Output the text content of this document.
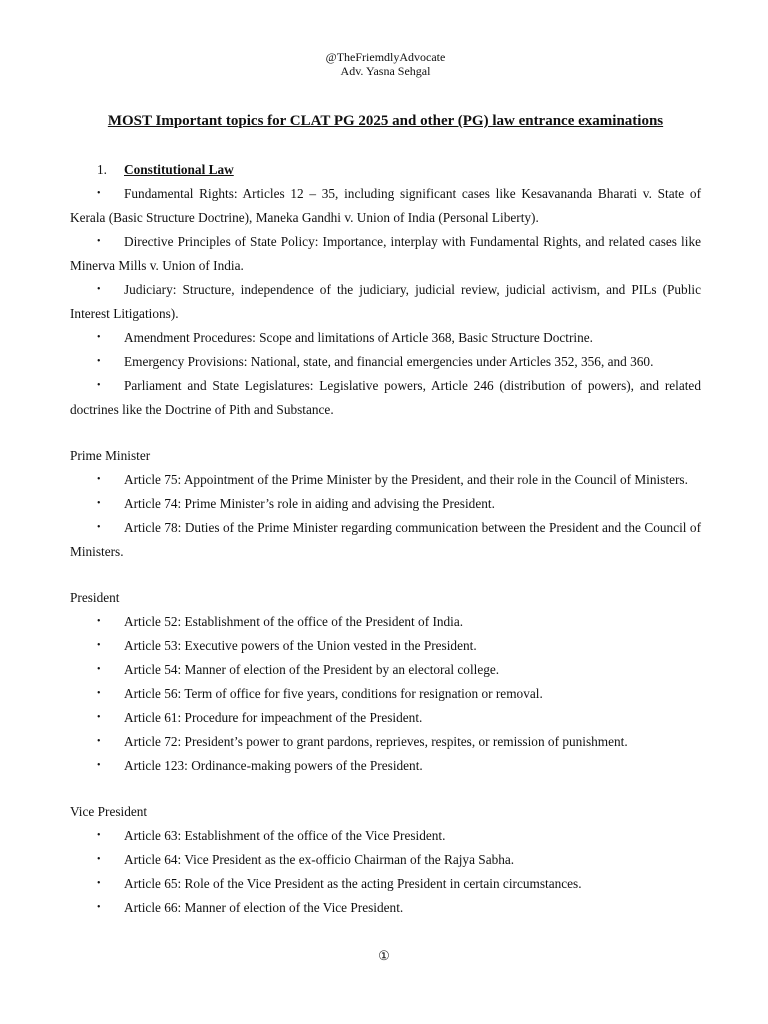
@TheFriemdlyAdvocate
Adv. Yasna Sehgal
MOST Important topics for CLAT PG 2025 and other (PG) law entrance examinations
1. Constitutional Law
• Fundamental Rights: Articles 12 – 35, including significant cases like Kesavananda Bharati v. State of Kerala (Basic Structure Doctrine), Maneka Gandhi v. Union of India (Personal Liberty).
• Directive Principles of State Policy: Importance, interplay with Fundamental Rights, and related cases like Minerva Mills v. Union of India.
• Judiciary: Structure, independence of the judiciary, judicial review, judicial activism, and PILs (Public Interest Litigations).
• Amendment Procedures: Scope and limitations of Article 368, Basic Structure Doctrine.
• Emergency Provisions: National, state, and financial emergencies under Articles 352, 356, and 360.
• Parliament and State Legislatures: Legislative powers, Article 246 (distribution of powers), and related doctrines like the Doctrine of Pith and Substance.
Prime Minister
• Article 75: Appointment of the Prime Minister by the President, and their role in the Council of Ministers.
• Article 74: Prime Minister’s role in aiding and advising the President.
• Article 78: Duties of the Prime Minister regarding communication between the President and the Council of Ministers.
President
• Article 52: Establishment of the office of the President of India.
• Article 53: Executive powers of the Union vested in the President.
• Article 54: Manner of election of the President by an electoral college.
• Article 56: Term of office for five years, conditions for resignation or removal.
• Article 61: Procedure for impeachment of the President.
• Article 72: President’s power to grant pardons, reprieves, respites, or remission of punishment.
• Article 123: Ordinance-making powers of the President.
Vice President
• Article 63: Establishment of the office of the Vice President.
• Article 64: Vice President as the ex-officio Chairman of the Rajya Sabha.
• Article 65: Role of the Vice President as the acting President in certain circumstances.
• Article 66: Manner of election of the Vice President.
①
